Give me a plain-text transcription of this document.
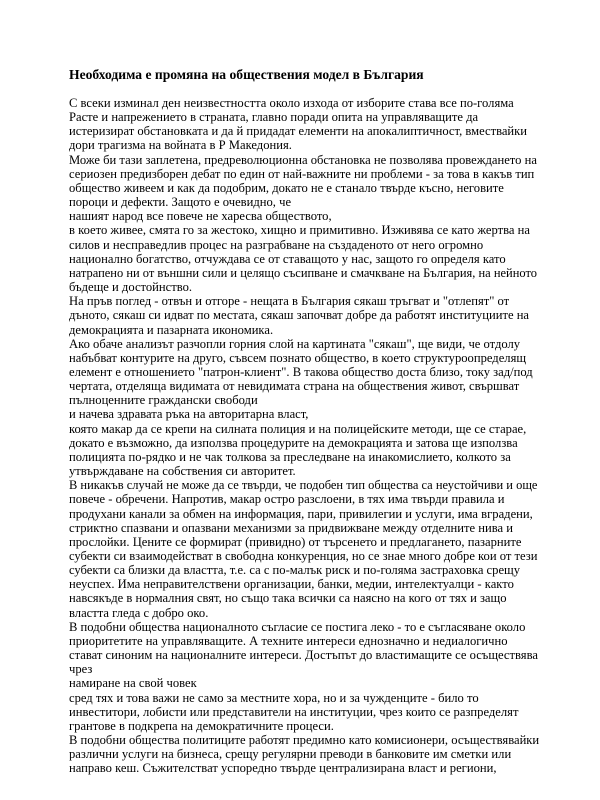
Необходима е промяна на обществения модел в България
С всеки изминал ден неизвестността около изхода от изборите става все по-голяма
Расте и напрежението в страната, главно поради опита на управляващите да
истеризират обстановката и да й придадат елементи на апокалиптичност, вмествайки
дори трагизма на войната в Р Македония.
Може би тази заплетена, предреволюционна обстановка не позволява провеждането на
сериозен предизборен дебат по един от най-важните ни проблеми - за това в какъв тип
общество живеем и как да подобрим, докато не е станало твърде късно, неговите
пороци и дефекти. Защото е очевидно, че
нашият народ все повече не харесва обществото,
в което живее, смята го за жестоко, хищно и примитивно. Изживява се като жертва на
силов и несправедлив процес на разграбване на създаденото от него огромно
национално богатство, отчуждава се от ставащото у нас, защото го определя като
натрапено ни от външни сили и целящо съсипване и смачкване на България, на нейното
бъдеще и достойнство.
На пръв поглед - отвън и отгоре - нещата в България сякаш тръгват и "отлепят" от
дъното, сякаш си идват по местата, сякаш започват добре да работят институциите на
демокрацията и пазарната икономика.
Ако обаче анализът разчопли горния слой на картината "сякаш", ще види, че отдолу
набъбват контурите на друго, съвсем познато общество, в което структуроопределящ
елемент е отношението "патрон-клиент". В такова общество доста близо, току зад/под
чертата, отделяща видимата от невидимата страна на обществения живот, свършват
пълноценните граждански свободи
и начева здравата ръка на авторитарна власт,
която макар да се крепи на силната полиция и на полицейските методи, ще се старае,
докато е възможно, да използва процедурите на демокрацията и затова ще използва
полицията по-рядко и не чак толкова за преследване на инакомислието, колкото за
утвърждаване на собствения си авторитет.
В никакъв случай не може да се твърди, че подобен тип общества са неустойчиви и още
повече - обречени. Напротив, макар остро разслоени, в тях има твърди правила и
продухани канали за обмен на информация, пари, привилегии и услуги, има вградени,
стриктно спазвани и опазвани механизми за придвижване между отделните нива и
прослойки. Цените се формират (привидно) от търсенето и предлагането, пазарните
субекти си взаимодействат в свободна конкуренция, но се знае много добре кои от тези
субекти са близки да властта, т.е. са с по-малък риск и по-голяма застраховка срещу
неуспех. Има неправителствени организации, банки, медии, интелектуалци - както
навсякъде в нормалния свят, но също така всички са наясно на кого от тях и защо
властта гледа с добро око.
В подобни общества националното съгласие се постига леко - то е съгласяване около
приоритетите на управляващите. А техните интереси еднозначно и недиалогично
стават синоним на националните интереси. Достъпът до властимащите се осъществява
чрез
намиране на свой човек
сред тях и това важи не само за местните хора, но и за чужденците - било то
инвеститори, лобисти или представители на институции, чрез които се разпределят
грантове в подкрепа на демократичните процеси.
В подобни общества политиците работят предимно като комисионери, осъществявайки
различни услуги на бизнеса, срещу регулярни преводи в банковите им сметки или
направо кеш. Съжителстват успоредно твърде централизирана власт и региони,
